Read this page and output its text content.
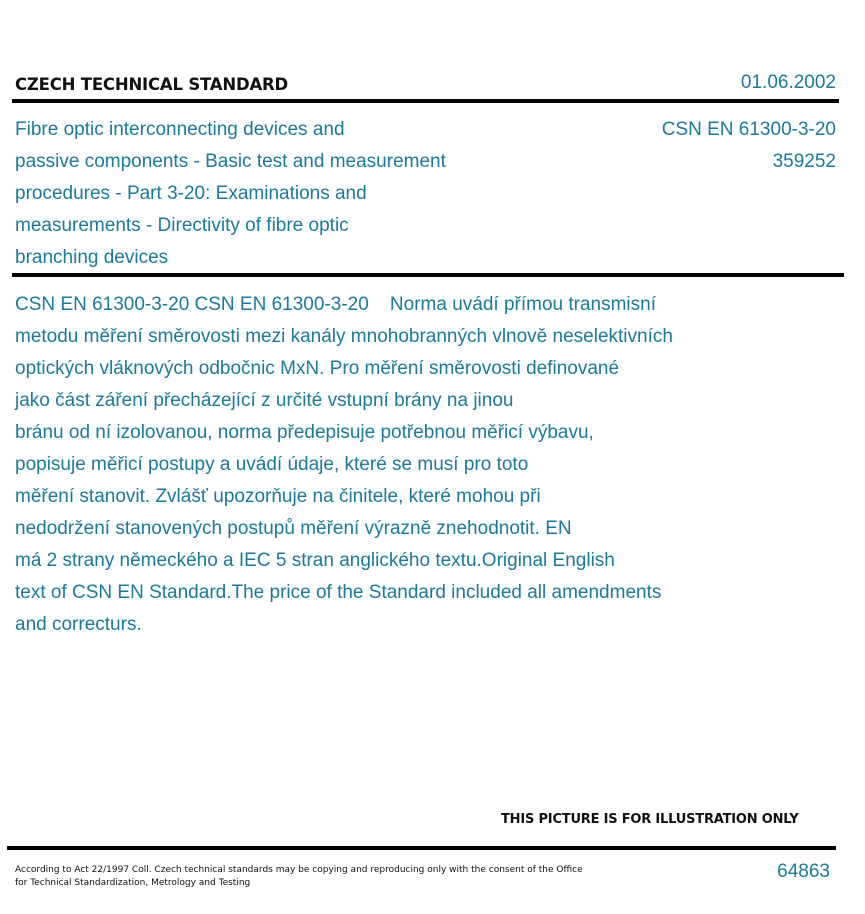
CZECH TECHNICAL STANDARD	01.06.2002
Fibre optic interconnecting devices and
passive components - Basic test and measurement
procedures - Part 3-20: Examinations and
measurements - Directivity of fibre optic
branching devices
CSN EN 61300-3-20
359252
CSN EN 61300-3-20 CSN EN 61300-3-20    Norma uvádí přímou transmisní
metodu měření směrovosti mezi kanály mnohobranných vlnově neselektivních
optických vláknových odbočnic MxN. Pro měření směrovosti definované
jako část záření přecházející z určité vstupní brány na jinou
bránu od ní izolovanou, norma předepisuje potřebnou měřicí výbavu,
popisuje měřicí postupy a uvádí údaje, které se musí pro toto
měření stanovit. Zvlášť upozorňuje na činitele, které mohou při
nedodržení stanovených postupů měření výrazně znehodnotit. EN
má 2 strany německého a IEC 5 stran anglického textu.Original English
text of CSN EN Standard.The price of the Standard included all amendments
and correcturs.
THIS PICTURE IS FOR ILLUSTRATION ONLY
According to Act 22/1997 Coll. Czech technical standards may be copying and reproducing only with the consent of the Office
for Technical Standardization, Metrology and Testing
64863
